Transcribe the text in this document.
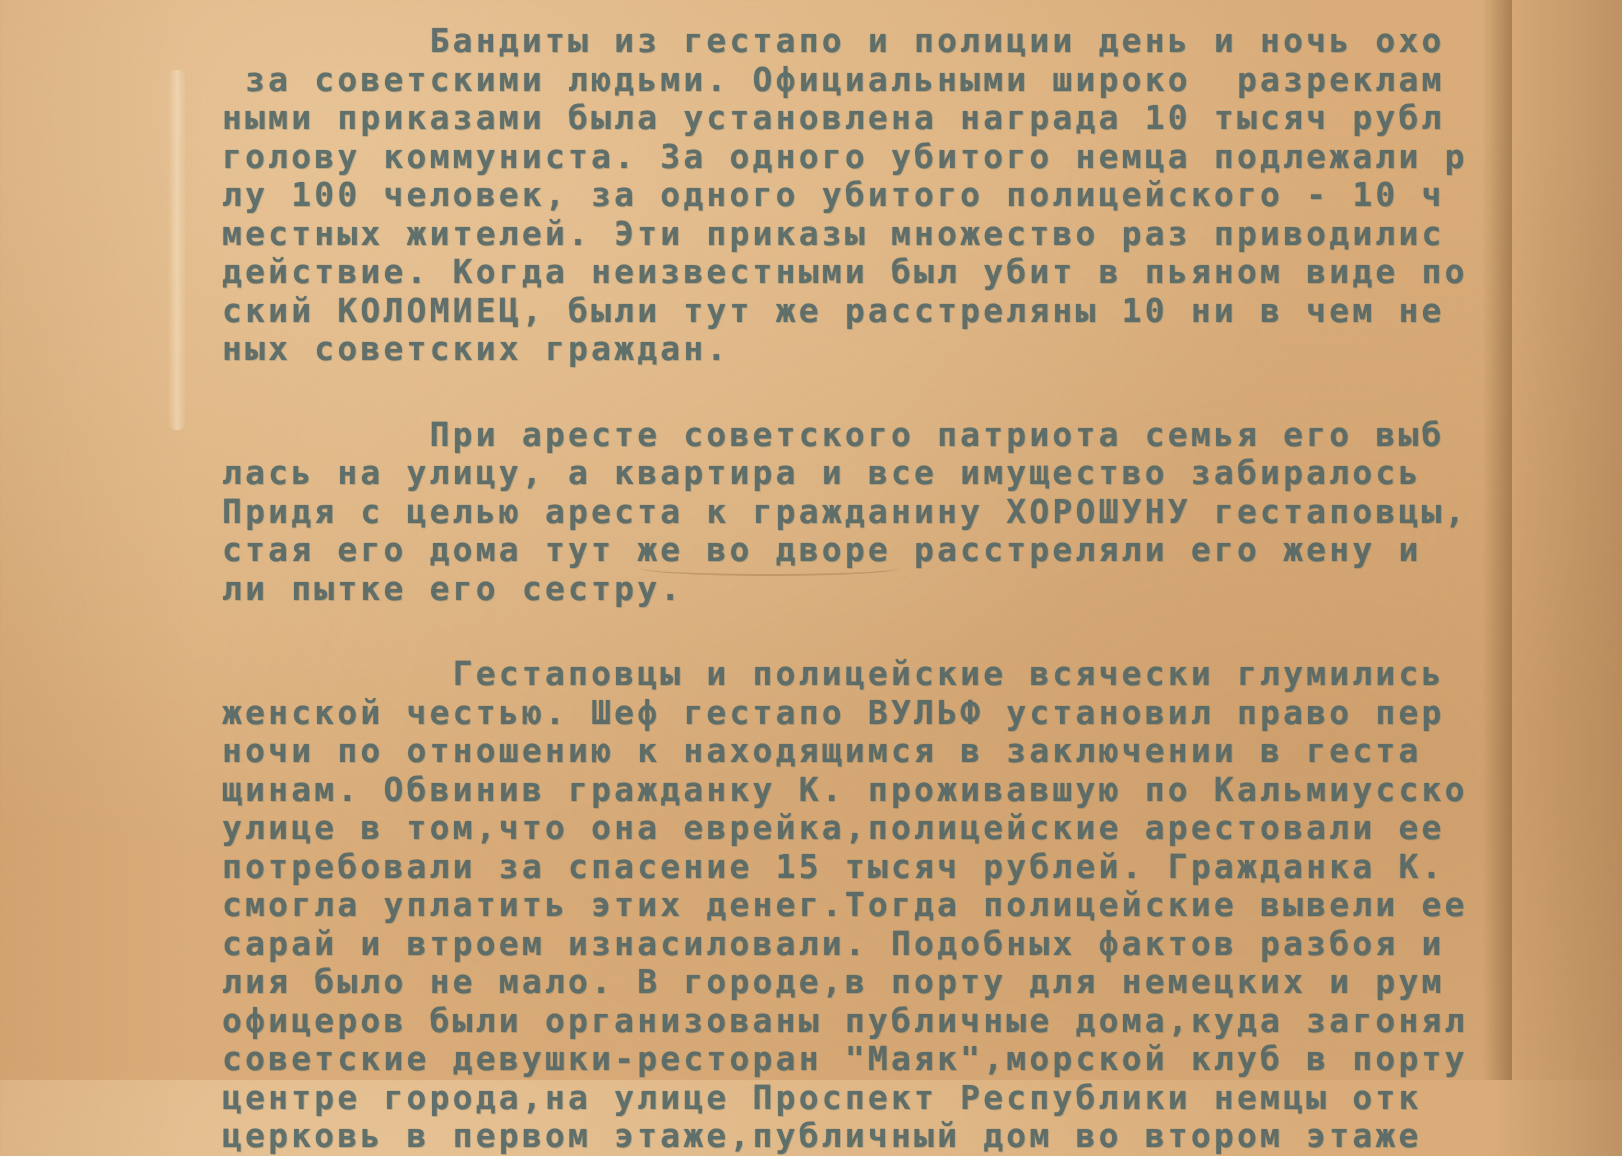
Бандиты из гестапо и полиции день и ночь охо
за советскими людьми. Официальными широко  разреклам
ными приказами была установлена награда 10 тысяч рубл
голову коммуниста. За одного убитого немца подлежали р
лу 100 человек, за одного убитого полицейского - 10 ч
местных жителей. Эти приказы множество раз приводилис
действие. Когда неизвестными был убит в пьяном виде по
ский КОЛОМИЕЦ, были тут же расстреляны 10 ни в чем не
ных советских граждан.
При аресте советского патриота семья его выб
лась на улицу, а квартира и все имущество забиралось
Придя с целью ареста к гражданину ХОРОШУНУ гестаповцы,
стая его дома тут же во дворе расстреляли его жену и
ли пытке его сестру.
Гестаповцы и полицейские всячески глумились
женской честью. Шеф гестапо ВУЛЬФ установил право пер
ночи по отношению к находящимся в заключении в геста
щинам. Обвинив гражданку К. проживавшую по Кальмиусско
улице в том,что она еврейка,полицейские арестовали ее
потребовали за спасение 15 тысяч рублей. Гражданка К.
смогла уплатить этих денег.Тогда полицейские вывели ее
сарай и втроем изнасиловали. Подобных фактов разбоя и
лия было не мало. В городе,в порту для немецких и рум
офицеров были организованы публичные дома,куда загонял
советские девушки-ресторан "Маяк",морской клуб в порту
центре города,на улице Проспект Республики немцы отк
церковь в первом этаже,публичный дом во втором этаже
